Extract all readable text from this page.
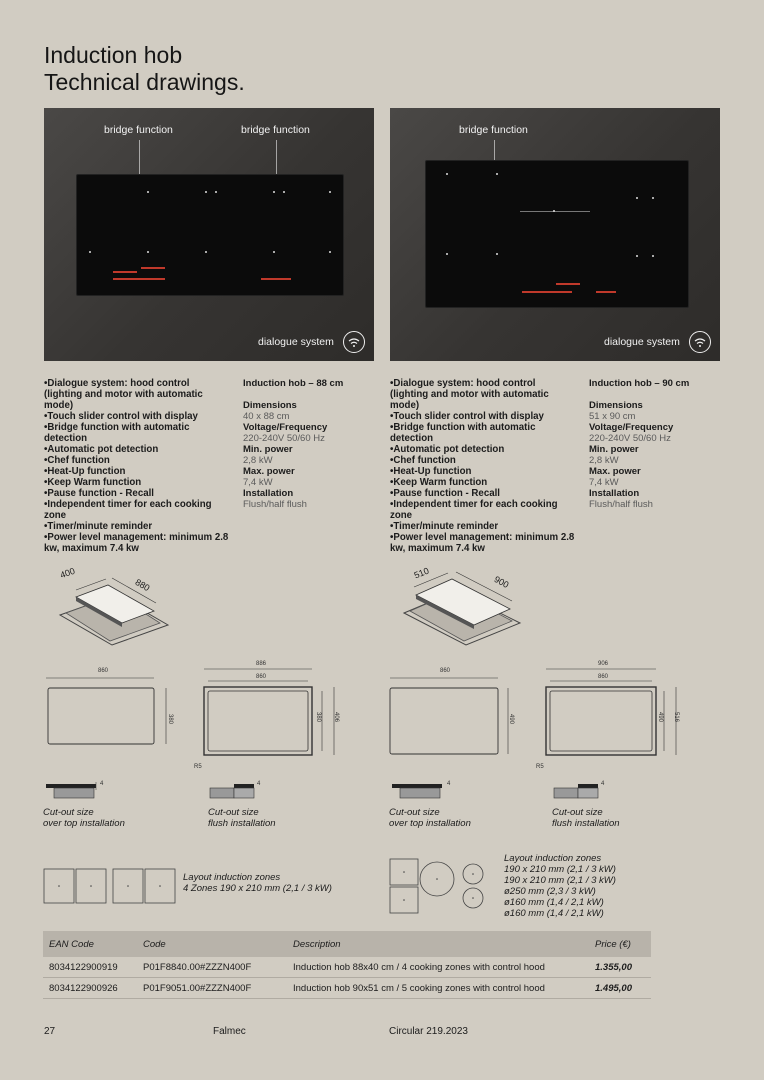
Induction hob
Technical drawings.
bridge function	bridge function
dialogue system
bridge function
dialogue system
•Dialogue system: hood control (lighting and motor with automatic mode)
•Touch slider control with display
•Bridge function with automatic detection
•Automatic pot detection
•Chef function
•Heat-Up function
•Keep Warm function
•Pause function - Recall
•Independent timer for each cooking zone
•Timer/minute reminder
•Power level management: minimum 2.8 kw, maximum 7.4 kw
Induction hob – 88 cm
Dimensions
40 x 88 cm
Voltage/Frequency
220-240V 50/60 Hz
Min. power
2,8 kW
Max. power
7,4 kW
Installation
Flush/half flush
•Dialogue system: hood control (lighting and motor with automatic mode)
•Touch slider control with display
•Bridge function with automatic detection
•Automatic pot detection
•Chef function
•Heat-Up function
•Keep Warm function
•Pause function - Recall
•Independent timer for each cooking zone
•Timer/minute reminder
•Power level management: minimum 2.8 kw, maximum 7.4 kw
Induction hob – 90 cm
Dimensions
51 x 90 cm
Voltage/Frequency
220-240V 50/60 Hz
Min. power
2,8 kW
Max. power
7,4 kW
Installation
Flush/half flush
400
880
510
900
860
380
886
860
380 406
R5
860
490
906
860
490 516
R5
4	4	4	4
Cut-out size
over top installation
Cut-out size
flush installation
Cut-out size
over top installation
Cut-out size
flush installation
Layout induction zones
4 Zones 190 x 210 mm (2,1 / 3 kW)
Layout induction zones
190 x 210 mm (2,1 / 3 kW)
190 x 210 mm (2,1 / 3 kW)
ø250 mm (2,3 / 3 kW)
ø160 mm (1,4 / 2,1 kW)
ø160 mm (1,4 / 2,1 kW)
EAN Code	Code	Description	Price (€)
8034122900919	P01F8840.00#ZZZN400F	Induction hob 88x40 cm / 4 cooking zones with control hood	1.355,00
8034122900926	P01F9051.00#ZZZN400F	Induction hob 90x51 cm / 5 cooking zones with control hood	1.495,00
27	Falmec	Circular 219.2023
